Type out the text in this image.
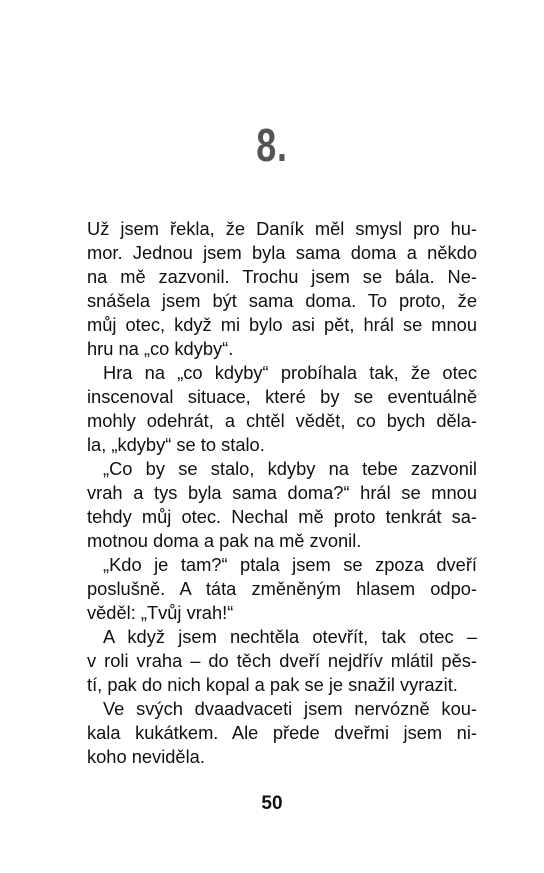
8.
Už jsem řekla, že Daník měl smysl pro hu-
mor. Jednou jsem byla sama doma a někdo
na mě zazvonil. Trochu jsem se bála. Ne-
snášela jsem být sama doma. To proto, že
můj otec, když mi bylo asi pět, hrál se mnou
hru na „co kdyby“.
Hra na „co kdyby“ probíhala tak, že otec
inscenoval situace, které by se eventuálně
mohly odehrát, a chtěl vědět, co bych děla-
la, „kdyby“ se to stalo.
„Co by se stalo, kdyby na tebe zazvonil
vrah a tys byla sama doma?“ hrál se mnou
tehdy můj otec. Nechal mě proto tenkrát sa-
motnou doma a pak na mě zvonil.
„Kdo je tam?“ ptala jsem se zpoza dveří
poslušně. A táta změněným hlasem odpo-
věděl: „Tvůj vrah!“
A když jsem nechtěla otevřít, tak otec –
v roli vraha – do těch dveří nejdřív mlátil pěs-
tí, pak do nich kopal a pak se je snažil vyrazit.
Ve svých dvaadvaceti jsem nervózně kou-
kala kukátkem. Ale přede dveřmi jsem ni-
koho neviděla.
50
